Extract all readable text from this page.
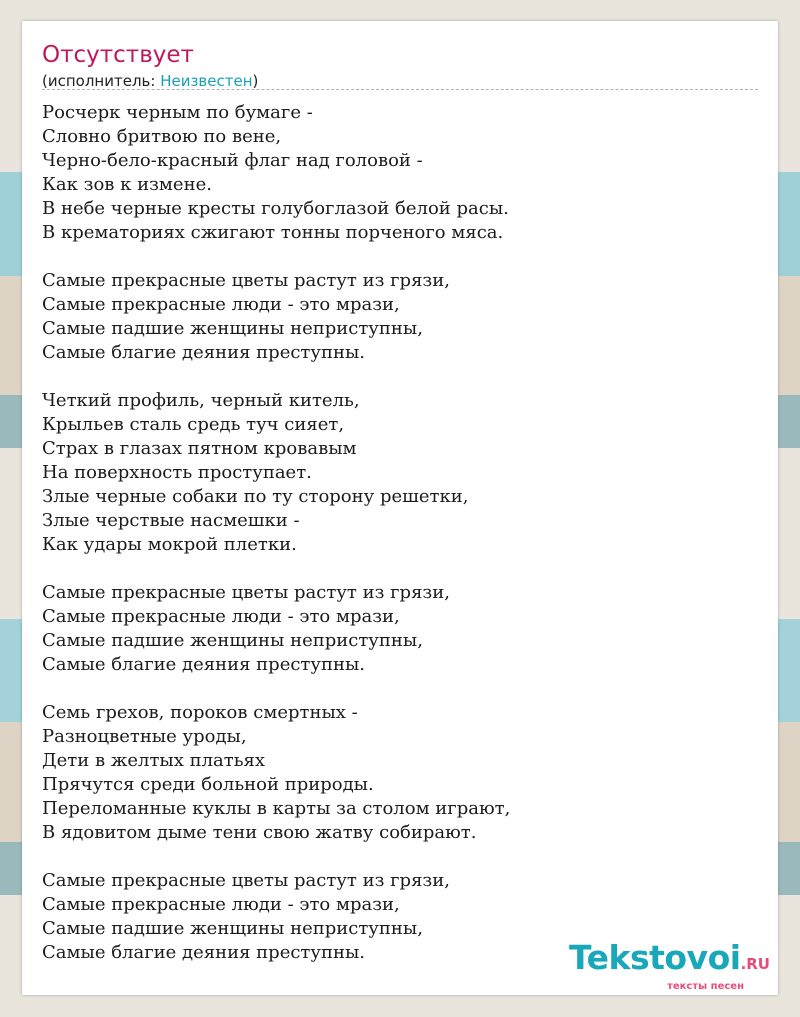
Отсутствует
(исполнитель: Неизвестен)
Росчерк черным по бумаге -
Словно бритвою по вене,
Черно-бело-красный флаг над головой -
Как зов к измене.
В небе черные кресты голубоглазой белой расы.
В крематориях сжигают тонны порченого мяса.
Самые прекрасные цветы растут из грязи,
Самые прекрасные люди - это мрази,
Самые падшие женщины неприступны,
Самые благие деяния преступны.
Четкий профиль, черный китель,
Крыльев сталь средь туч сияет,
Страх в глазах пятном кровавым
На поверхность проступает.
Злые черные собаки по ту сторону решетки,
Злые черствые насмешки -
Как удары мокрой плетки.
Самые прекрасные цветы растут из грязи,
Самые прекрасные люди - это мрази,
Самые падшие женщины неприступны,
Самые благие деяния преступны.
Семь грехов, пороков смертных -
Разноцветные уроды,
Дети в желтых платьях
Прячутся среди больной природы.
Переломанные куклы в карты за столом играют,
В ядовитом дыме тени свою жатву собирают.
Самые прекрасные цветы растут из грязи,
Самые прекрасные люди - это мрази,
Самые падшие женщины неприступны,
Самые благие деяния преступны.	Tekstovoi.RU
тексты песен
